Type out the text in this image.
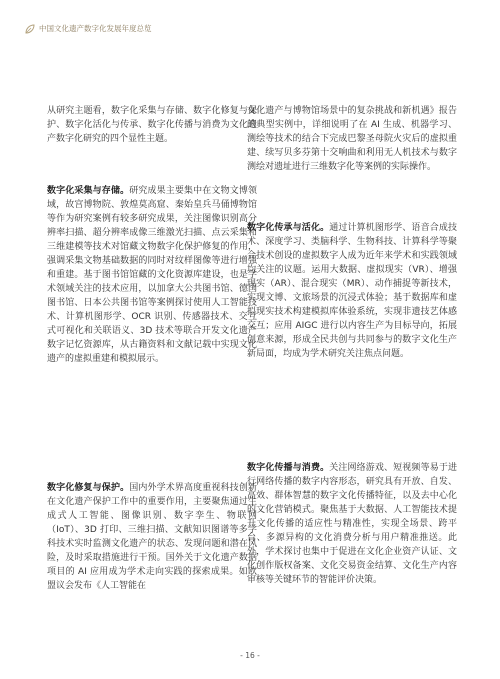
中国文化遗产数字化发展年度总览

从研究主题看，数字化采集与存储、数字化修复与保护、数字化活化与传承、数字化传播与消费为文化遗产数字化研究的四个显性主题。

数字化采集与存储。研究成果主要集中在文物文博领域，故宫博物院、敦煌莫高窟、秦始皇兵马俑博物馆等作为研究案例有较多研究成果，关注图像识别高分辨率扫描、超分辨率成像三维激光扫描、点云采集和三维建模等技术对馆藏文物数字化保护修复的作用，强调采集文物基础数据的同时对纹样图像等进行增强和重建。基于图书馆馆藏的文化资源库建设，也是学术领域关注的技术应用，以加拿大公共图书馆、德国图书馆、日本公共图书馆等案例探讨使用人工智能技术、计算机图形学、OCR 识别、传感器技术、交互式可视化和关联语义、3D 技术等联合开发文化遗产数字记忆资源库，从古籍资料和文献记载中实现文化遗产的虚拟重建和模拟展示。

数字化修复与保护。国内外学术界高度重视科技创新在文化遗产保护工作中的重要作用，主要聚焦通过生成式人工智能、图像识别、数字孪生、物联网（IoT）、3D 打印、三维扫描、文献知识图谱等多学科技术实时监测文化遗产的状态、发现问题和潜在风险，及时采取措施进行干预。国外关于文化遗产数据项目的 AI 应用成为学术走向实践的探索成果。如欧盟议会发布《人工智能在

文化遗产与博物馆场景中的复杂挑战和新机遇》报告的典型实例中，详细说明了在 AI 生成、机器学习、测绘等技术的结合下完成巴黎圣母院火灾后的虚拟重建、续写贝多芬第十交响曲和利用无人机技术与数字测绘对遗址进行三维数字化等案例的实际操作。

数字化传承与活化。通过计算机图形学、语音合成技术、深度学习、类脑科学、生物科技、计算科学等聚合技术创设的虚拟数字人成为近年来学术和实践领域均关注的议题。运用大数据、虚拟现实（VR）、增强现实（AR）、混合现实（MR）、动作捕捉等新技术，实现文博、文旅场景的沉浸式体验；基于数据库和虚拟现实技术构建模拟库体验系统，实现非遗技艺体感交互；应用 AIGC 进行以内容生产为目标导向，拓展创意来源，形成全民共创与共同参与的数字文化生产新局面，均成为学术研究关注焦点问题。

数字化传播与消费。关注网络游戏、短视频等易于进行网络传播的数字内容形态，研究具有开放、自发、高效、群体智慧的数字文化传播特征，以及去中心化的文化营销模式。聚焦基于大数据、人工智能技术提升文化传播的适应性与精准性，实现全场景、跨平台、多源异构的文化消费分析与用户精准推送。此外，学术探讨也集中于促进在文化企业资产认证、文化创作版权备案、文化交易资金结算、文化生产内容审核等关键环节的智能评价决策。

- 16 -
